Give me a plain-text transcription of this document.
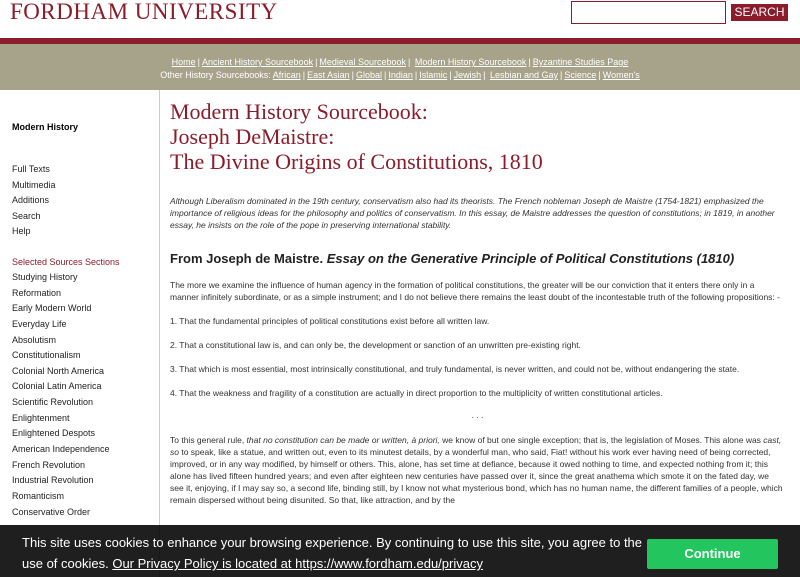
FORDHAM UNIVERSITY	SEARCH
Home | Ancient History Sourcebook | Medieval Sourcebook | Modern History Sourcebook | Byzantine Studies Page
Other History Sourcebooks: African | East Asian | Global | Indian | Islamic | Jewish | Lesbian and Gay | Science | Women's
Modern History
Full Texts
Multimedia
Additions
Search
Help
Selected Sources Sections
Studying History
Reformation
Early Modern World
Everyday Life
Absolutism
Constitutionalism
Colonial North America
Colonial Latin America
Scientific Revolution
Enlightenment
Enlightened Despots
American Independence
French Revolution
Industrial Revolution
Romanticism
Conservative Order
Modern History Sourcebook:
Joseph DeMaistre:
The Divine Origins of Constitutions, 1810
Although Liberalism dominated in the 19th century, conservatism also had its theorists. The French nobleman Joseph de Maistre (1754-1821) emphasized the importance of religious ideas for the philosophy and politics of conservatism. In this essay, de Maistre addresses the question of constitutions; in 1819, in another essay, he insists on the role of the pope in preserving international stability.
From Joseph de Maistre. Essay on the Generative Principle of Political Constitutions (1810)
The more we examine the influence of human agency in the formation of political constitutions, the greater will be our conviction that it enters there only in a manner infinitely subordinate, or as a simple instrument; and I do not believe there remains the least doubt of the incontestable truth of the following propositions: -
1. That the fundamental principles of political constitutions exist before all written law.
2. That a constitutional law is, and can only be, the development or sanction of an unwritten pre-existing right.
3. That which is most essential, most intrinsically constitutional, and truly fundamental, is never written, and could not be, without endangering the state.
4. That the weakness and fragility of a constitution are actually in direct proportion to the multiplicity of written constitutional articles.
. . .
To this general rule, that no constitution can be made or written, à priori, we know of but one single exception; that is, the legislation of Moses. This alone was cast, so to speak, like a statue, and written out, even to its minutest details, by a wonderful man, who said, Fiat! without his work ever having need of being corrected, improved, or in any way modified, by himself or others. This, alone, has set time at defiance, because it owed nothing to time, and expected nothing from it; this alone has lived fifteen hundred years; and even after eighteen new centuries have passed over it, since the great anathema which smote it on the fated day, we see it, enjoying, if I may say so, a second life, binding still, by I know not what mysterious bond, which has no human name, the different families of a people, which remain dispersed without being disunited. So that, like attraction, and by the
This site uses cookies to enhance your browsing experience. By continuing to use this site, you agree to the use of cookies. Our Privacy Policy is located at https://www.fordham.edu/privacy
Continue
